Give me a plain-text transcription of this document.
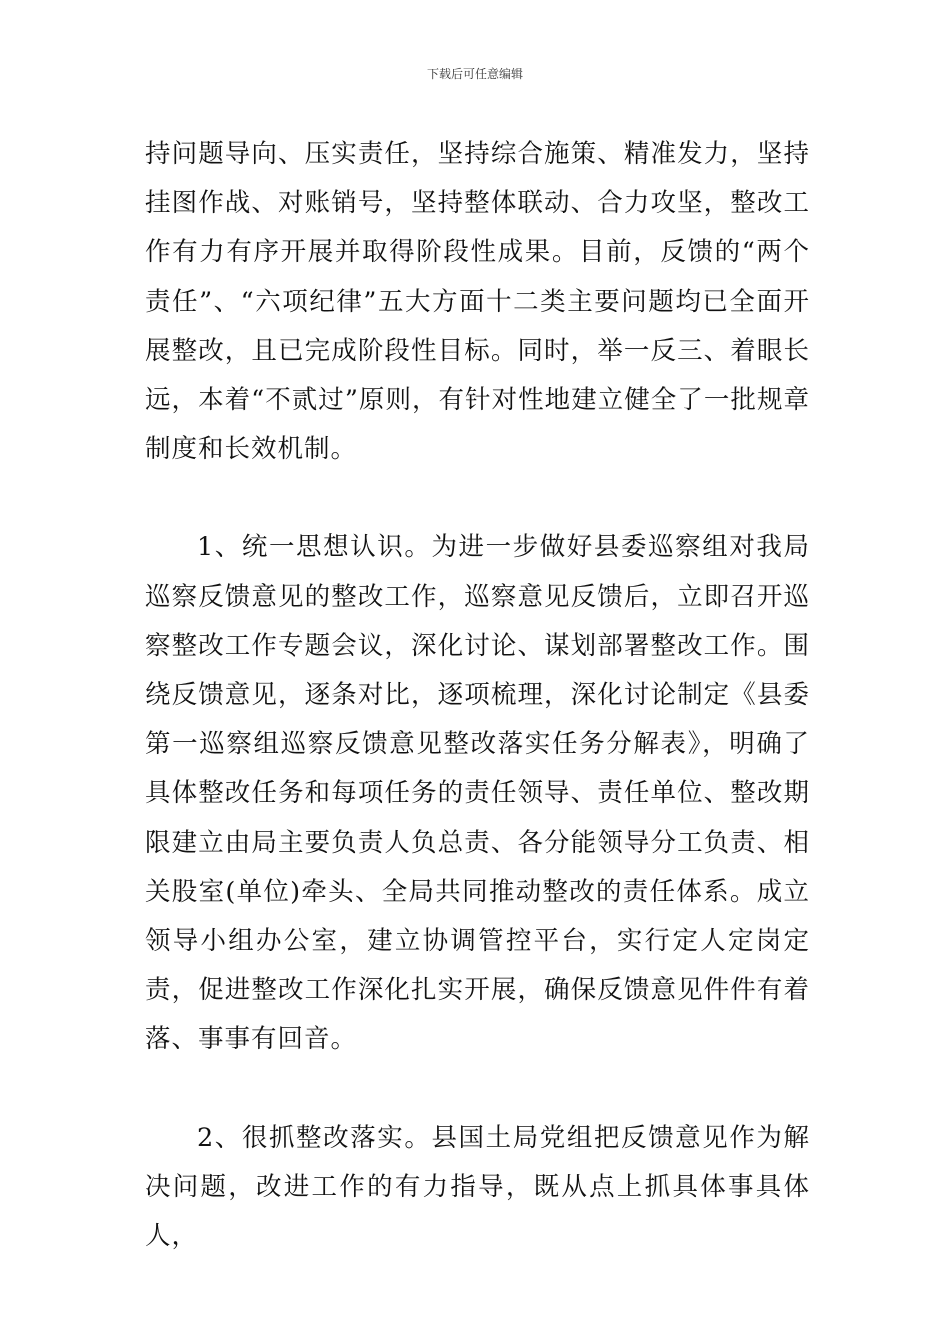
下载后可任意编辑

持问题导向、压实责任，坚持综合施策、精准发力，坚持挂图作战、对账销号，坚持整体联动、合力攻坚，整改工作有力有序开展并取得阶段性成果。目前，反馈的“两个责任”、“六项纪律”五大方面十二类主要问题均已全面开展整改，且已完成阶段性目标。同时，举一反三、着眼长远，本着“不贰过”原则，有针对性地建立健全了一批规章制度和长效机制。

1、统一思想认识。为进一步做好县委巡察组对我局巡察反馈意见的整改工作，巡察意见反馈后，立即召开巡察整改工作专题会议，深化讨论、谋划部署整改工作。围绕反馈意见，逐条对比，逐项梳理，深化讨论制定《县委第一巡察组巡察反馈意见整改落实任务分解表》，明确了具体整改任务和每项任务的责任领导、责任单位、整改期限建立由局主要负责人负总责、各分能领导分工负责、相关股室(单位)牵头、全局共同推动整改的责任体系。成立领导小组办公室，建立协调管控平台，实行定人定岗定责，促进整改工作深化扎实开展，确保反馈意见件件有着落、事事有回音。

2、很抓整改落实。县国土局党组把反馈意见作为解决问题，改进工作的有力指导，既从点上抓具体事具体人，
